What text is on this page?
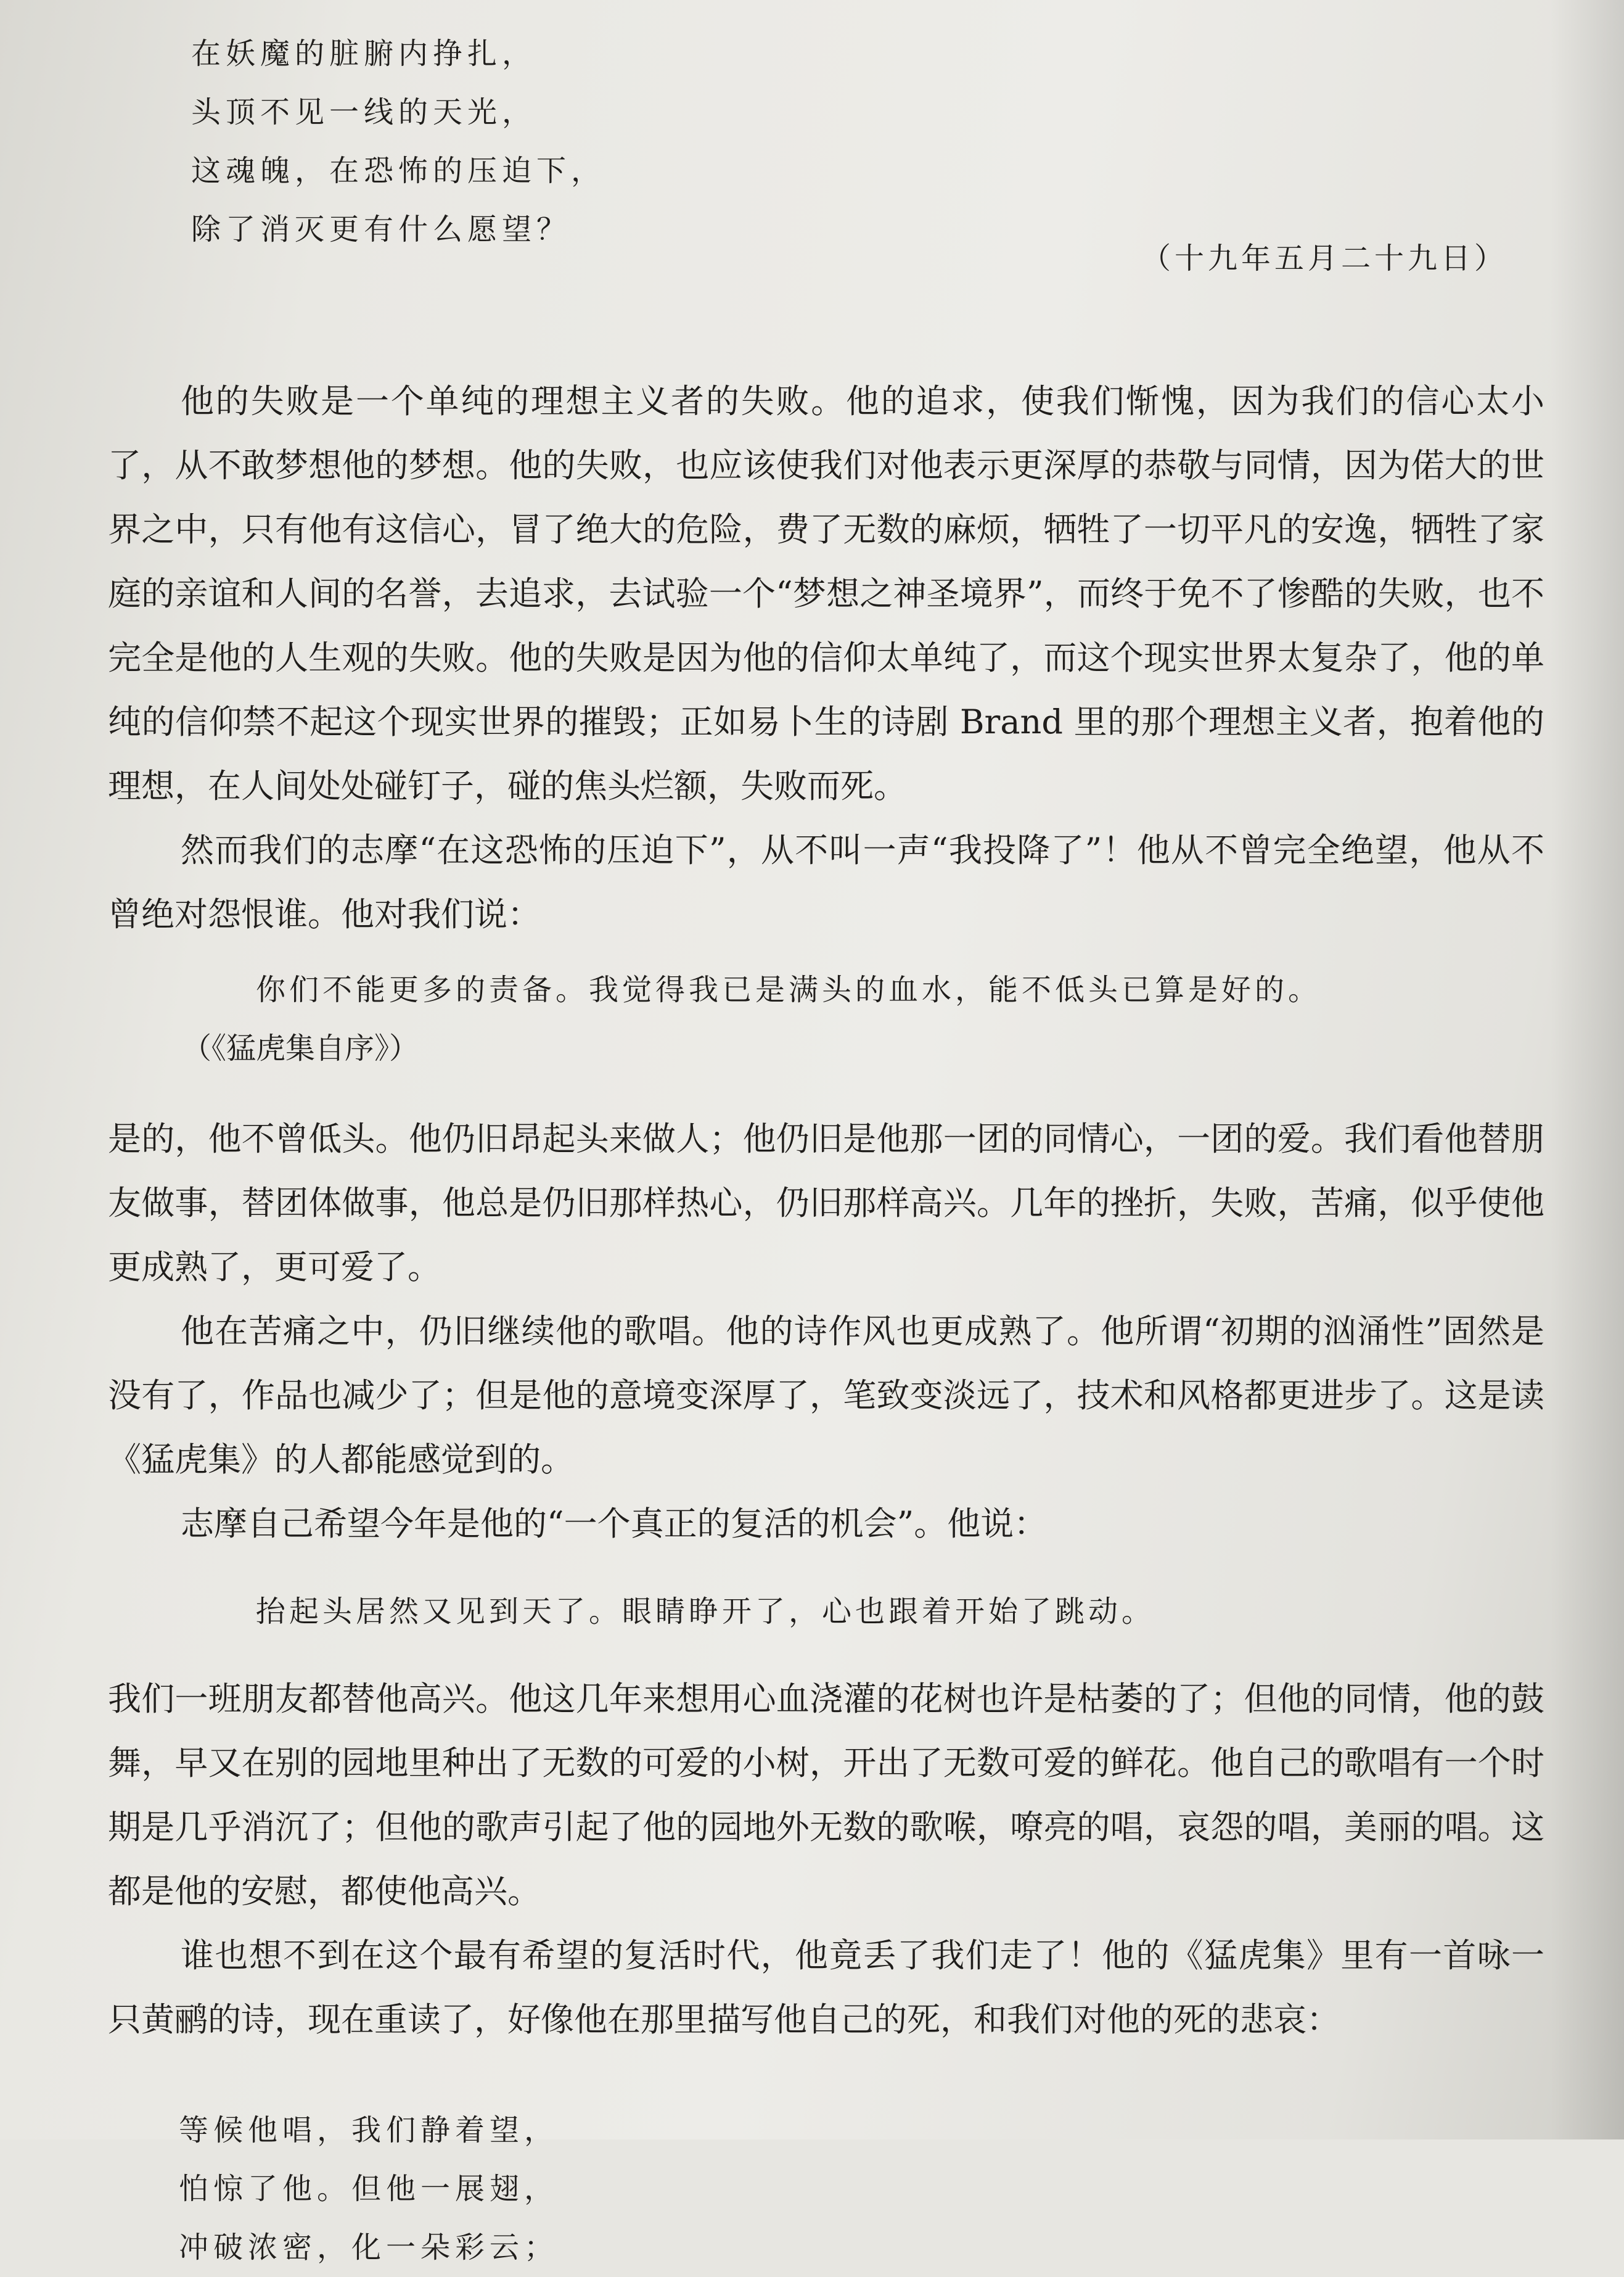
在妖魔的脏腑内挣扎，
头顶不见一线的天光，
这魂魄，在恐怖的压迫下，
除了消灭更有什么愿望？
（十九年五月二十九日）

他的失败是一个单纯的理想主义者的失败。他的追求，使我们惭愧，因为我们的信心太小了，从不敢梦想他的梦想。他的失败，也应该使我们对他表示更深厚的恭敬与同情，因为偌大的世界之中，只有他有这信心，冒了绝大的危险，费了无数的麻烦，牺牲了一切平凡的安逸，牺牲了家庭的亲谊和人间的名誉，去追求，去试验一个“梦想之神圣境界”，而终于免不了惨酷的失败，也不完全是他的人生观的失败。他的失败是因为他的信仰太单纯了，而这个现实世界太复杂了，他的单纯的信仰禁不起这个现实世界的摧毁；正如易卜生的诗剧 Brand 里的那个理想主义者，抱着他的理想，在人间处处碰钉子，碰的焦头烂额，失败而死。

然而我们的志摩“在这恐怖的压迫下”，从不叫一声“我投降了”！他从不曾完全绝望，他从不曾绝对怨恨谁。他对我们说：

你们不能更多的责备。我觉得我已是满头的血水，能不低头已算是好的。
（《猛虎集自序》）

是的，他不曾低头。他仍旧昂起头来做人；他仍旧是他那一团的同情心，一团的爱。我们看他替朋友做事，替团体做事，他总是仍旧那样热心，仍旧那样高兴。几年的挫折，失败，苦痛，似乎使他更成熟了，更可爱了。

他在苦痛之中，仍旧继续他的歌唱。他的诗作风也更成熟了。他所谓“初期的汹涌性”固然是没有了，作品也减少了；但是他的意境变深厚了，笔致变淡远了，技术和风格都更进步了。这是读《猛虎集》的人都能感觉到的。

志摩自己希望今年是他的“一个真正的复活的机会”。他说：

抬起头居然又见到天了。眼睛睁开了，心也跟着开始了跳动。

我们一班朋友都替他高兴。他这几年来想用心血浇灌的花树也许是枯萎的了；但他的同情，他的鼓舞，早又在别的园地里种出了无数的可爱的小树，开出了无数可爱的鲜花。他自己的歌唱有一个时期是几乎消沉了；但他的歌声引起了他的园地外无数的歌喉，嘹亮的唱，哀怨的唱，美丽的唱。这都是他的安慰，都使他高兴。

谁也想不到在这个最有希望的复活时代，他竟丢了我们走了！他的《猛虎集》里有一首咏一只黄鹂的诗，现在重读了，好像他在那里描写他自己的死，和我们对他的死的悲哀：

等候他唱，我们静着望，
怕惊了他。但他一展翅，
冲破浓密，化一朵彩云；
